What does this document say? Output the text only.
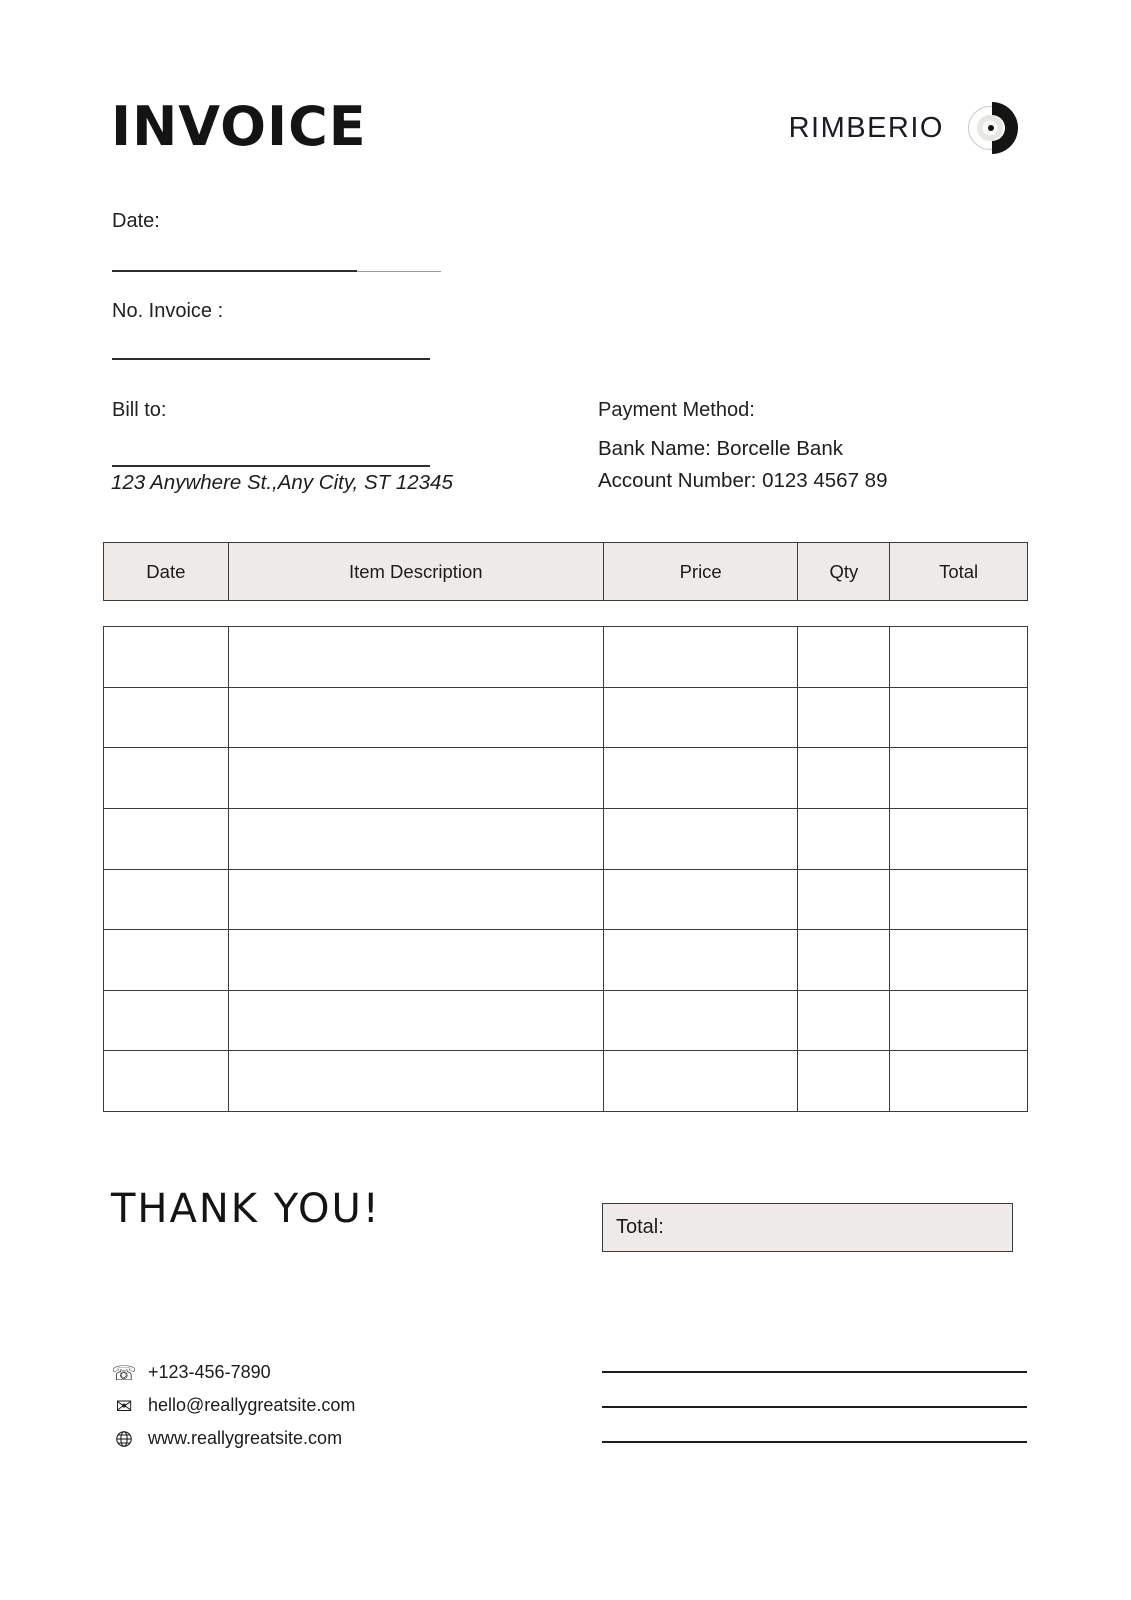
INVOICE	RIMBERIO
Date:
No. Invoice :
Bill to:
123 Anywhere St.,Any City, ST 12345
Payment Method:
Bank Name: Borcelle Bank
Account Number: 0123 4567 89
Date	Item Description	Price	Qty	Total
THANK YOU!	Total:
☏ +123-456-7890
✉ hello@reallygreatsite.com
www.reallygreatsite.com
